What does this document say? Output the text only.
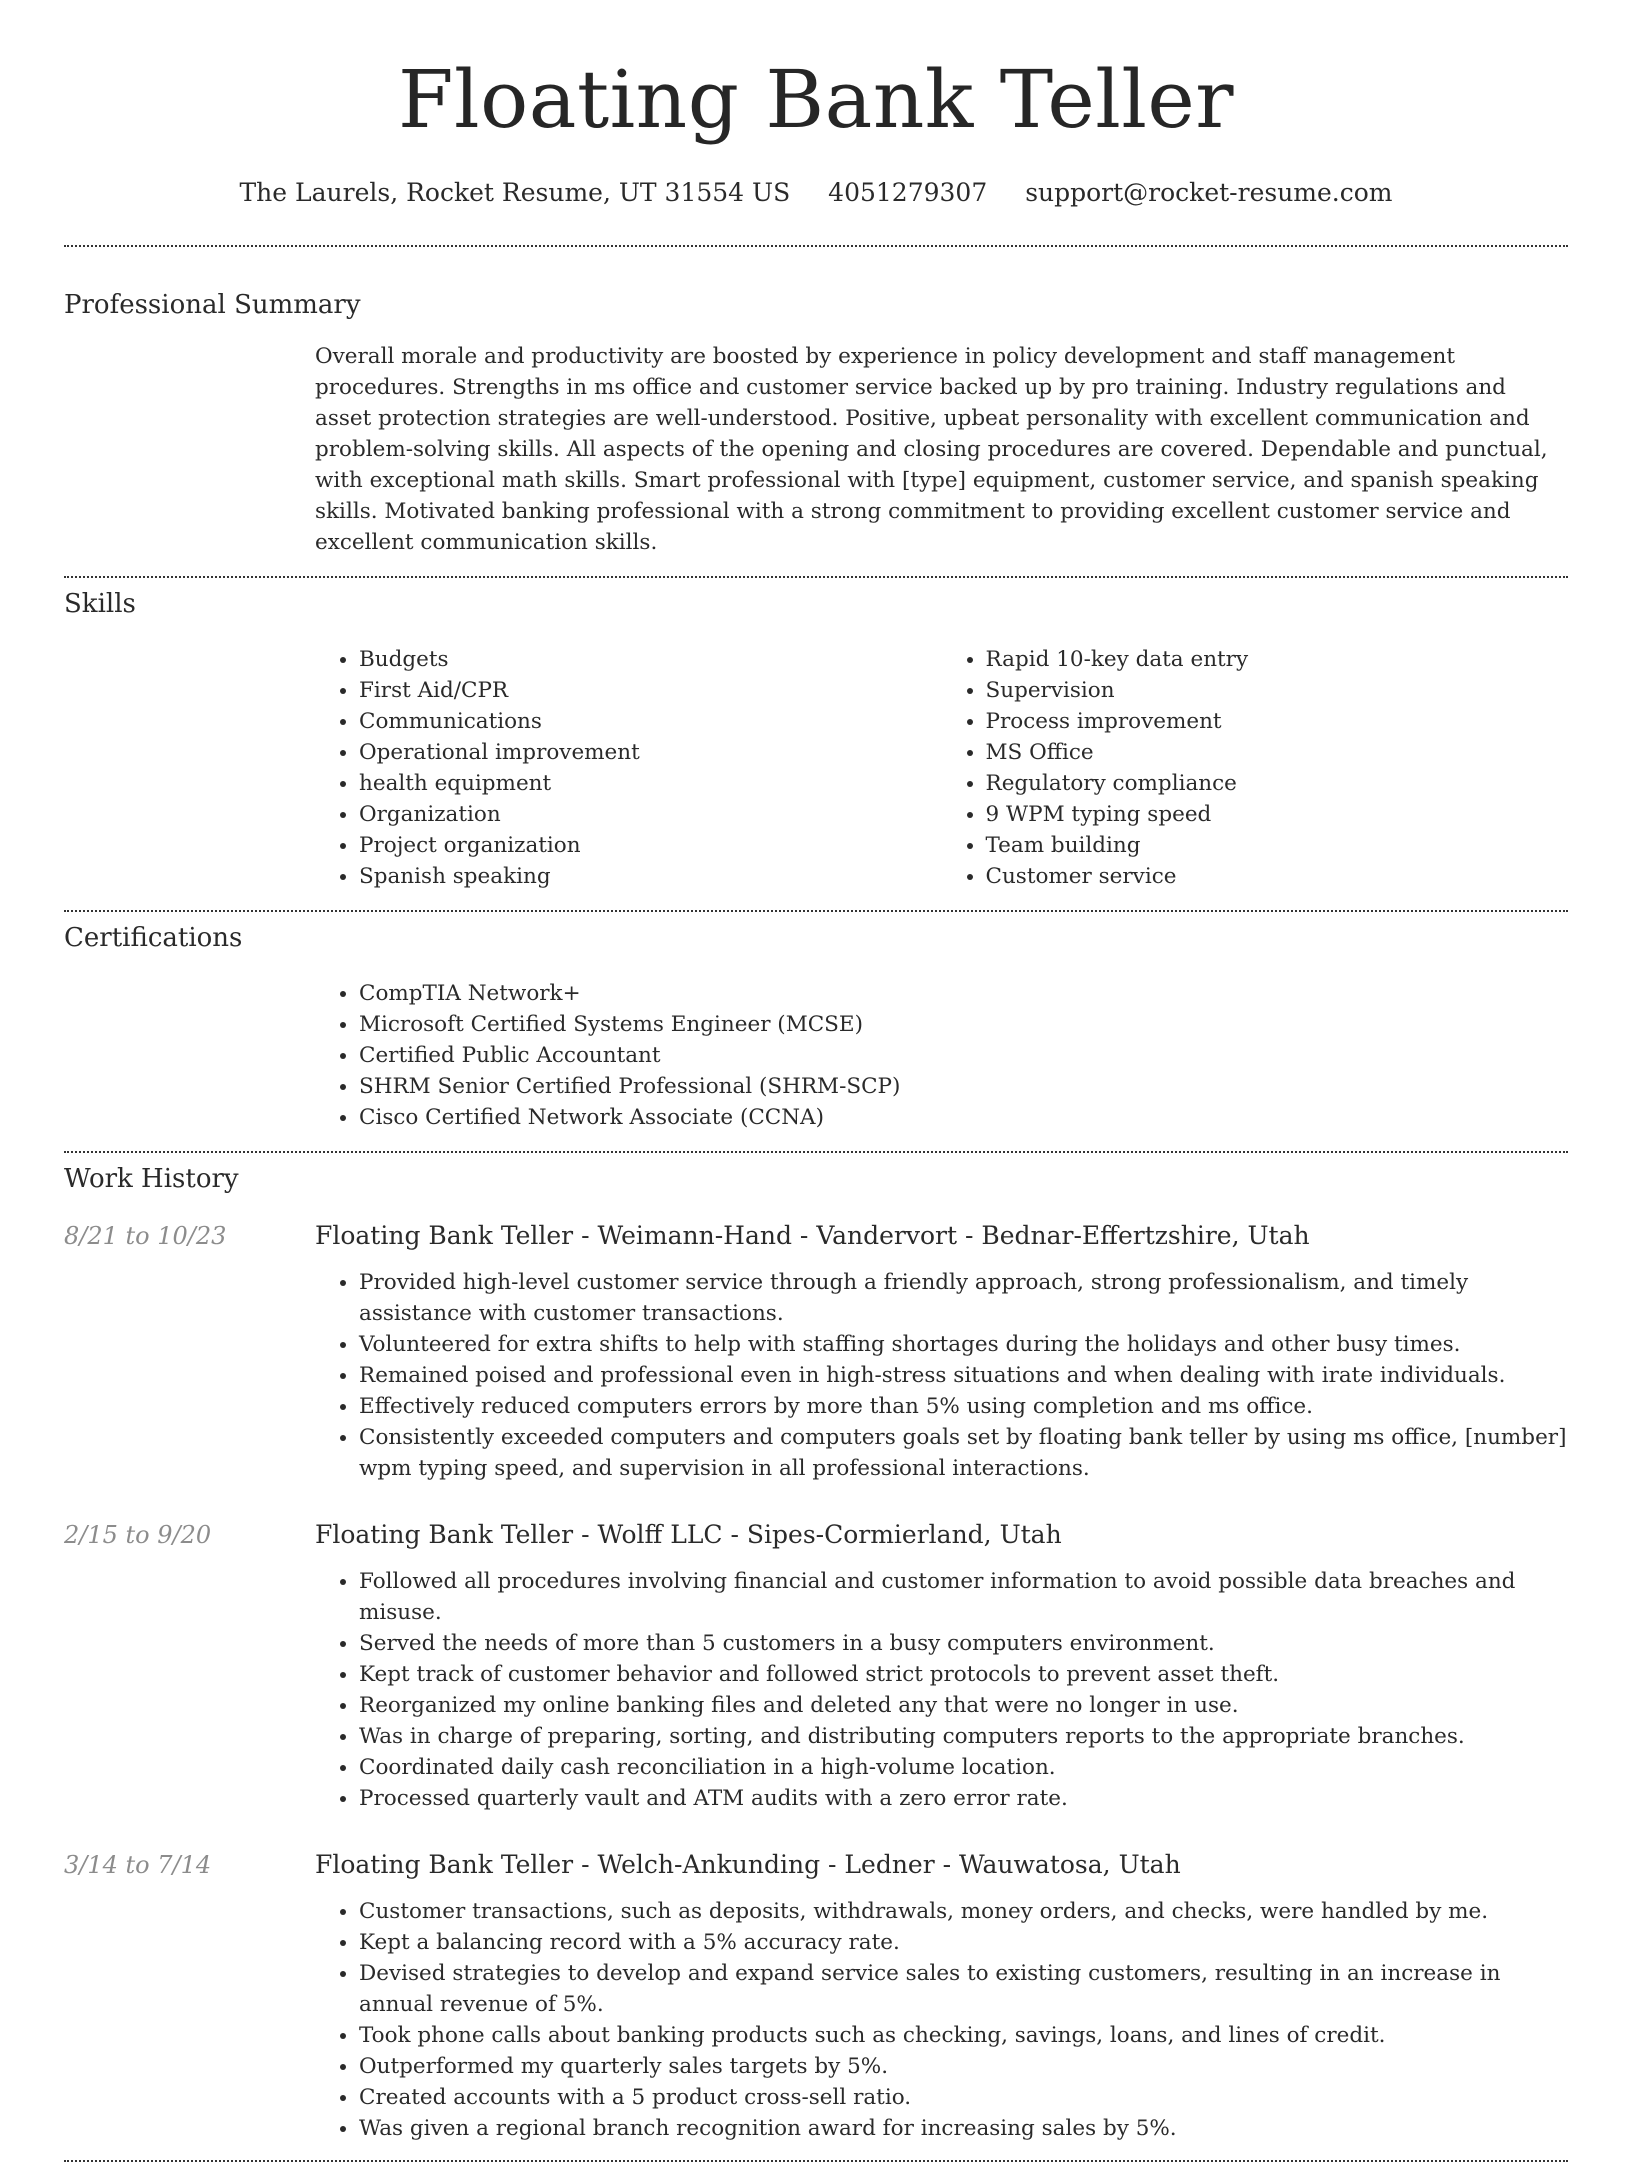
Floating Bank Teller
The Laurels, Rocket Resume, UT 31554 US 4051279307 support@rocket-resume.com
Professional Summary
Overall morale and productivity are boosted by experience in policy development and staff management procedures. Strengths in ms office and customer service backed up by pro training. Industry regulations and asset protection strategies are well-understood. Positive, upbeat personality with excellent communication and problem-solving skills. All aspects of the opening and closing procedures are covered. Dependable and punctual, with exceptional math skills. Smart professional with [type] equipment, customer service, and spanish speaking skills. Motivated banking professional with a strong commitment to providing excellent customer service and excellent communication skills.
Skills
• Budgets
• First Aid/CPR
• Communications
• Operational improvement
• health equipment
• Organization
• Project organization
• Spanish speaking
• Rapid 10-key data entry
• Supervision
• Process improvement
• MS Office
• Regulatory compliance
• 9 WPM typing speed
• Team building
• Customer service
Certifications
• CompTIA Network+
• Microsoft Certified Systems Engineer (MCSE)
• Certified Public Accountant
• SHRM Senior Certified Professional (SHRM-SCP)
• Cisco Certified Network Associate (CCNA)
Work History
8/21 to 10/23	Floating Bank Teller - Weimann-Hand - Vandervort - Bednar-Effertzshire, Utah
• Provided high-level customer service through a friendly approach, strong professionalism, and timely assistance with customer transactions.
• Volunteered for extra shifts to help with staffing shortages during the holidays and other busy times.
• Remained poised and professional even in high-stress situations and when dealing with irate individuals.
• Effectively reduced computers errors by more than 5% using completion and ms office.
• Consistently exceeded computers and computers goals set by floating bank teller by using ms office, [number] wpm typing speed, and supervision in all professional interactions.
2/15 to 9/20	Floating Bank Teller - Wolff LLC - Sipes-Cormierland, Utah
• Followed all procedures involving financial and customer information to avoid possible data breaches and misuse.
• Served the needs of more than 5 customers in a busy computers environment.
• Kept track of customer behavior and followed strict protocols to prevent asset theft.
• Reorganized my online banking files and deleted any that were no longer in use.
• Was in charge of preparing, sorting, and distributing computers reports to the appropriate branches.
• Coordinated daily cash reconciliation in a high-volume location.
• Processed quarterly vault and ATM audits with a zero error rate.
3/14 to 7/14	Floating Bank Teller - Welch-Ankunding - Ledner - Wauwatosa, Utah
• Customer transactions, such as deposits, withdrawals, money orders, and checks, were handled by me.
• Kept a balancing record with a 5% accuracy rate.
• Devised strategies to develop and expand service sales to existing customers, resulting in an increase in annual revenue of 5%.
• Took phone calls about banking products such as checking, savings, loans, and lines of credit.
• Outperformed my quarterly sales targets by 5%.
• Created accounts with a 5 product cross-sell ratio.
• Was given a regional branch recognition award for increasing sales by 5%.
